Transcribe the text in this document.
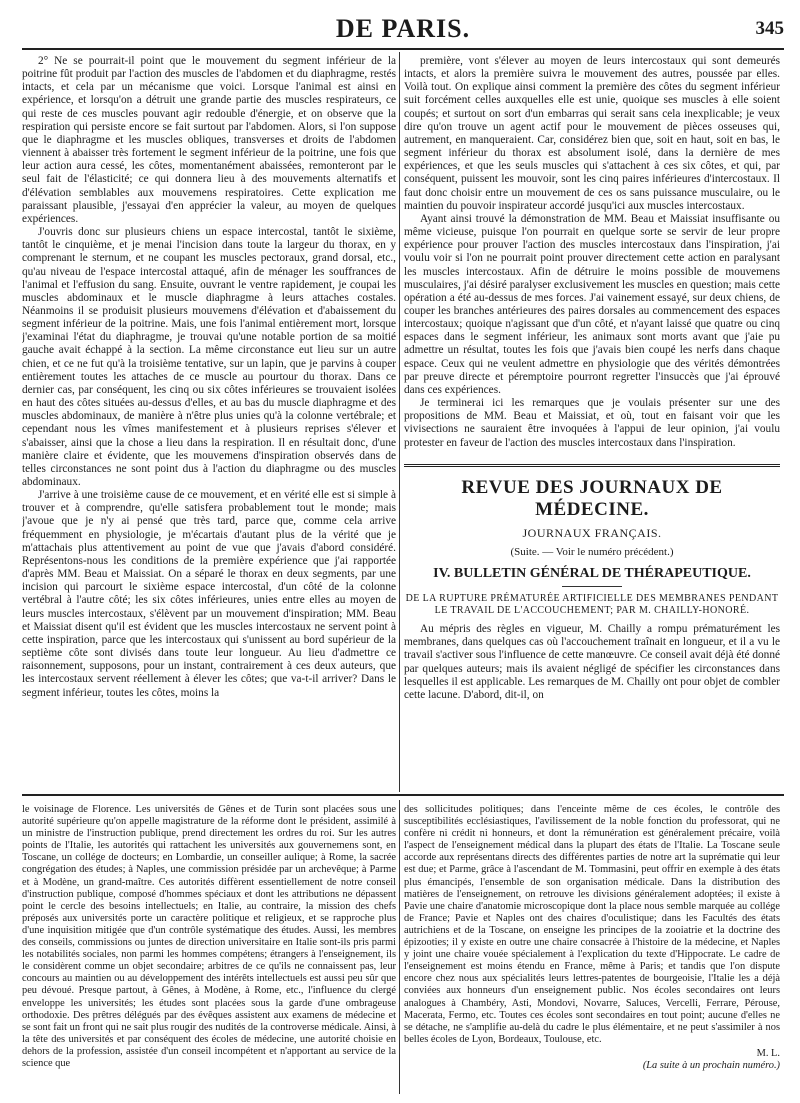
DE PARIS.	345

2° Ne se pourrait-il point que le mouvement du segment inférieur de la poitrine fût produit par l'action des muscles de l'abdomen et du diaphragme, restés intacts, et cela par un mécanisme que voici. Lorsque l'animal est ainsi en expérience, et lorsqu'on a détruit une grande partie des muscles respirateurs, ce qui reste de ces muscles pouvant agir redouble d'énergie, et on observe que la respiration qui persiste encore se fait surtout par l'abdomen. Alors, si l'on suppose que le diaphragme et les muscles obliques, transverses et droits de l'abdomen viennent à abaisser très fortement le segment inférieur de la poitrine, une fois que leur action aura cessé, les côtes, momentanément abaissées, remonteront par le seul fait de l'élasticité; ce qui donnera lieu à des mouvements alternatifs et d'élévation semblables aux mouvemens respiratoires. Cette explication me paraissant plausible, j'essayai d'en apprécier la valeur, au moyen de quelques expériences.

J'ouvris donc sur plusieurs chiens un espace intercostal, tantôt le sixième, tantôt le cinquième, et je menai l'incision dans toute la largeur du thorax, en y comprenant le sternum, et ne coupant les muscles pectoraux, grand dorsal, etc., qu'au niveau de l'espace intercostal attaqué, afin de ménager les souffrances de l'animal et l'effusion du sang. Ensuite, ouvrant le ventre rapidement, je coupai les muscles abdominaux et le muscle diaphragme à leurs attaches costales. Néanmoins il se produisit plusieurs mouvemens d'élévation et d'abaissement du segment inférieur de la poitrine. Mais, une fois l'animal entièrement mort, lorsque j'examinai l'état du diaphragme, je trouvai qu'une notable portion de sa moitié gauche avait échappé à la section. La même circonstance eut lieu sur un autre chien, et ce ne fut qu'à la troisième tentative, sur un lapin, que je parvins à couper entièrement toutes les attaches de ce muscle au pourtour du thorax. Dans ce dernier cas, par conséquent, les cinq ou six côtes inférieures se trouvaient isolées en haut des côtes situées au-dessus d'elles, et au bas du muscle diaphragme et des muscles abdominaux, de manière à n'être plus unies qu'à la colonne vertébrale; et cependant nous les vîmes manifestement et à plusieurs reprises s'élever et s'abaisser, ainsi que la chose a lieu dans la respiration. Il en résultait donc, d'une manière claire et évidente, que les mouvemens d'inspiration observés dans de telles circonstances ne sont point dus à l'action du diaphragme ou des muscles abdominaux.

J'arrive à une troisième cause de ce mouvement, et en vérité elle est si simple à trouver et à comprendre, qu'elle satisfera probablement tout le monde; mais j'avoue que je n'y ai pensé que très tard, parce que, comme cela arrive fréquemment en physiologie, je m'écartais d'autant plus de la vérité que je m'attachais plus attentivement au point de vue que j'avais d'abord considéré. Représentons-nous les conditions de la première expérience que j'ai rapportée d'après MM. Beau et Maissiat. On a séparé le thorax en deux segments, par une incision qui parcourt le sixième espace intercostal, d'un côté de la colonne vertébral à l'autre côté; les six côtes inférieures, unies entre elles au moyen de leurs muscles intercostaux, s'élèvent par un mouvement d'inspiration; MM. Beau et Maissiat disent qu'il est évident que les muscles intercostaux ne servent point à cette inspiration, parce que les intercostaux qui s'unissent au bord supérieur de la septième côte sont divisés dans toute leur longueur. Au lieu d'admettre ce raisonnement, supposons, pour un instant, contrairement à ces deux auteurs, que les intercostaux servent réellement à élever les côtes; que va-t-il arriver? Dans le segment inférieur, toutes les côtes, moins la

première, vont s'élever au moyen de leurs intercostaux qui sont demeurés intacts, et alors la première suivra le mouvement des autres, poussée par elles. Voilà tout. On explique ainsi comment la première des côtes du segment inférieur suit forcément celles auxquelles elle est unie, quoique ses muscles à elle soient coupés; et surtout on sort d'un embarras qui serait sans cela inexplicable; je veux dire qu'on trouve un agent actif pour le mouvement de pièces osseuses qui, autrement, en manqueraient. Car, considérez bien que, soit en haut, soit en bas, le segment inférieur du thorax est absolument isolé, dans la dernière de mes expériences, et que les seuls muscles qui s'attachent à ces six côtes, et qui, par conséquent, puissent les mouvoir, sont les cinq paires inférieures d'intercostaux. Il faut donc choisir entre un mouvement de ces os sans puissance musculaire, ou le maintien du pouvoir inspirateur accordé jusqu'ici aux muscles intercostaux.

Ayant ainsi trouvé la démonstration de MM. Beau et Maissiat insuffisante ou même vicieuse, puisque l'on pourrait en quelque sorte se servir de leur propre expérience pour prouver l'action des muscles intercostaux dans l'inspiration, j'ai voulu voir si l'on ne pourrait point prouver directement cette action en paralysant les muscles intercostaux. Afin de détruire le moins possible de mouvemens musculaires, j'ai désiré paralyser exclusivement les muscles en question; mais cette opération a été au-dessus de mes forces. J'ai vainement essayé, sur deux chiens, de couper les branches antérieures des paires dorsales au commencement des espaces intercostaux; quoique n'agissant que d'un côté, et n'ayant laissé que quatre ou cinq espaces dans le segment inférieur, les animaux sont morts avant que j'aie pu admettre un résultat, toutes les fois que j'avais bien coupé les nerfs dans chaque espace. Ceux qui ne veulent admettre en physiologie que des vérités démontrées par preuve directe et péremptoire pourront regretter l'insuccès que j'ai éprouvé dans ces expériences.

Je terminerai ici les remarques que je voulais présenter sur une des propositions de MM. Beau et Maissiat, et où, tout en faisant voir que les vivisections ne sauraient être invoquées à l'appui de leur opinion, j'ai voulu protester en faveur de l'action des muscles intercostaux dans l'inspiration.

REVUE DES JOURNAUX DE MÉDECINE.
JOURNAUX FRANÇAIS.
(Suite. — Voir le numéro précédent.)
IV. BULLETIN GÉNÉRAL DE THÉRAPEUTIQUE.
DE LA RUPTURE PRÉMATURÉE ARTIFICIELLE DES MEMBRANES PENDANT LE TRAVAIL DE L'ACCOUCHEMENT; PAR M. CHAILLY-HONORÉ.

Au mépris des règles en vigueur, M. Chailly a rompu prématurément les membranes, dans quelques cas où l'accouchement traînait en longueur, et il a vu le travail s'activer sous l'influence de cette manœuvre. Ce conseil avait déjà été donné par quelques auteurs; mais ils avaient négligé de spécifier les circonstances dans lesquelles il est applicable. Les remarques de M. Chailly ont pour objet de combler cette lacune. D'abord, dit-il, on

le voisinage de Florence. Les universités de Gênes et de Turin sont placées sous une autorité supérieure qu'on appelle magistrature de la réforme dont le président, assimilé à un ministre de l'instruction publique, prend directement les ordres du roi. Sur les autres points de l'Italie, les autorités qui rattachent les universités aux gouvernemens sont, en Toscane, un collége de docteurs; en Lombardie, un conseiller aulique; à Rome, la sacrée congrégation des études; à Naples, une commission présidée par un archevêque; à Parme et à Modène, un grand-maître. Ces autorités diffèrent essentiellement de notre conseil d'instruction publique, composé d'hommes spéciaux et dont les attributions ne dépassent point le cercle des besoins intellectuels; en Italie, au contraire, la mission des chefs préposés aux universités porte un caractère politique et religieux, et se rapproche plus d'une inquisition mitigée que d'un contrôle systématique des études. Aussi, les membres des conseils, commissions ou juntes de direction universitaire en Italie sont-ils pris parmi les notabilités sociales, non parmi les hommes compétens; étrangers à l'enseignement, ils le considèrent comme un objet secondaire; arbitres de ce qu'ils ne connaissent pas, leur concours au maintien ou au développement des intérêts intellectuels est aussi peu sûr que peu dévoué. Presque partout, à Gênes, à Modène, à Rome, etc., l'influence du clergé enveloppe les universités; les études sont placées sous la garde d'une ombrageuse orthodoxie. Des prêtres délégués par des évêques assistent aux examens de médecine et se sont fait un front qui ne sait plus rougir des nudités de la controverse médicale. Ainsi, à la tête des universités et par conséquent des écoles de médecine, une autorité choisie en dehors de la profession, assistée d'un conseil incompétent et n'apportant au service de la science que

des sollicitudes politiques; dans l'enceinte même de ces écoles, le contrôle des susceptibilités ecclésiastiques, l'avilissement de la noble fonction du professorat, qui ne confère ni crédit ni honneurs, et dont la rémunération est généralement précaire, voilà l'aspect de l'enseignement médical dans la plupart des états de l'Italie. La Toscane seule accorde aux représentans directs des différentes parties de notre art la suprématie qui leur est due; et Parme, grâce à l'ascendant de M. Tommasini, peut offrir en exemple à des états plus émancipés, l'ensemble de son organisation médicale. Dans la distribution des matières de l'enseignement, on retrouve les divisions généralement adoptées; il existe à Pavie une chaire d'anatomie microscopique dont la place nous semble marquée au collége de France; Pavie et Naples ont des chaires d'oculistique; dans les Facultés des états autrichiens et de la Toscane, on enseigne les principes de la zooiatrie et la doctrine des épizooties; il y existe en outre une chaire consacrée à l'histoire de la médecine, et Naples y joint une chaire vouée spécialement à l'explication du texte d'Hippocrate. Le cadre de l'enseignement est moins étendu en France, même à Paris; et tandis que l'on dispute encore chez nous aux spécialités leurs lettres-patentes de bourgeoisie, l'Italie les a déjà conviées aux honneurs d'un enseignement public. Nos écoles secondaires ont leurs analogues à Chambéry, Asti, Mondovi, Novarre, Saluces, Vercelli, Ferrare, Pérouse, Macerata, Fermo, etc. Toutes ces écoles sont secondaires en tout point; aucune d'elles ne se détache, ne s'amplifie au-delà du cadre le plus élémentaire, et ne peut s'assimiler à nos belles écoles de Lyon, Bordeaux, Toulouse, etc.

M. L.
(La suite à un prochain numéro.)
